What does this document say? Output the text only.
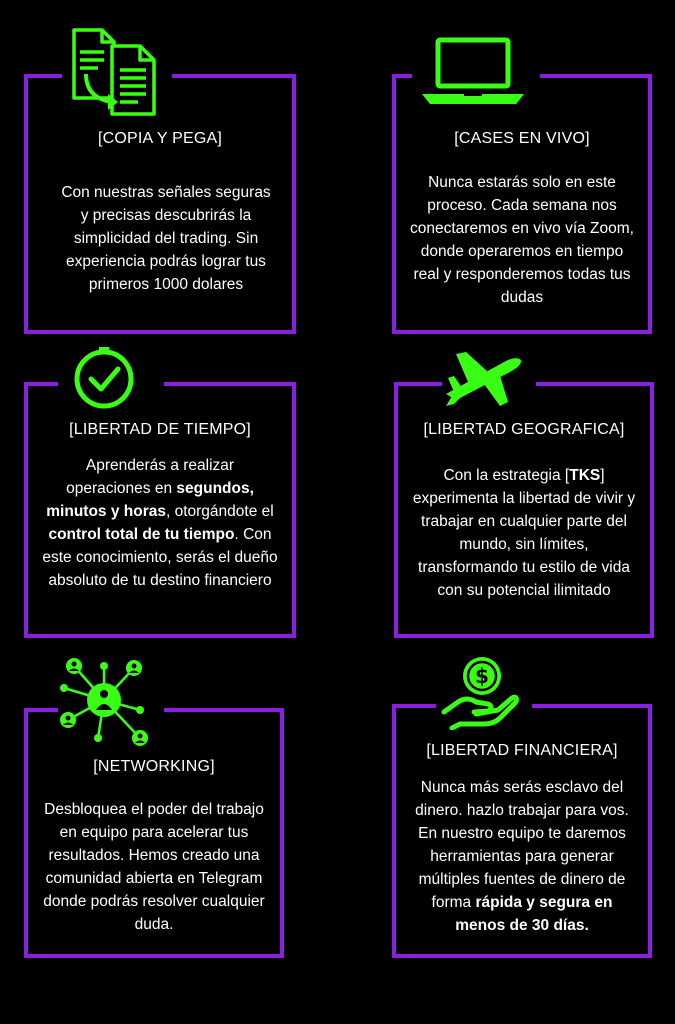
[COPIA Y PEGA]
Con nuestras señales seguras y precisas descubrirás la simplicidad del trading. Sin experiencia podrás lograr tus primeros 1000 dolares
[CASES EN VIVO]
Nunca estarás solo en este proceso. Cada semana nos conectaremos en vivo vía Zoom, donde operaremos en tiempo real y responderemos todas tus dudas
[LIBERTAD DE TIEMPO]
Aprenderás a realizar operaciones en segundos, minutos y horas, otorgándote el control total de tu tiempo. Con este conocimiento, serás el dueño absoluto de tu destino financiero
[LIBERTAD GEOGRAFICA]
Con la estrategia [TKS] experimenta la libertad de vivir y trabajar en cualquier parte del mundo, sin límites, transformando tu estilo de vida con su potencial ilimitado
[NETWORKING]
Desbloquea el poder del trabajo en equipo para acelerar tus resultados. Hemos creado una comunidad abierta en Telegram donde podrás resolver cualquier duda.
[LIBERTAD FINANCIERA]
Nunca más serás esclavo del dinero. hazlo trabajar para vos. En nuestro equipo te daremos herramientas para generar múltiples fuentes de dinero de forma rápida y segura en menos de 30 días.
$
